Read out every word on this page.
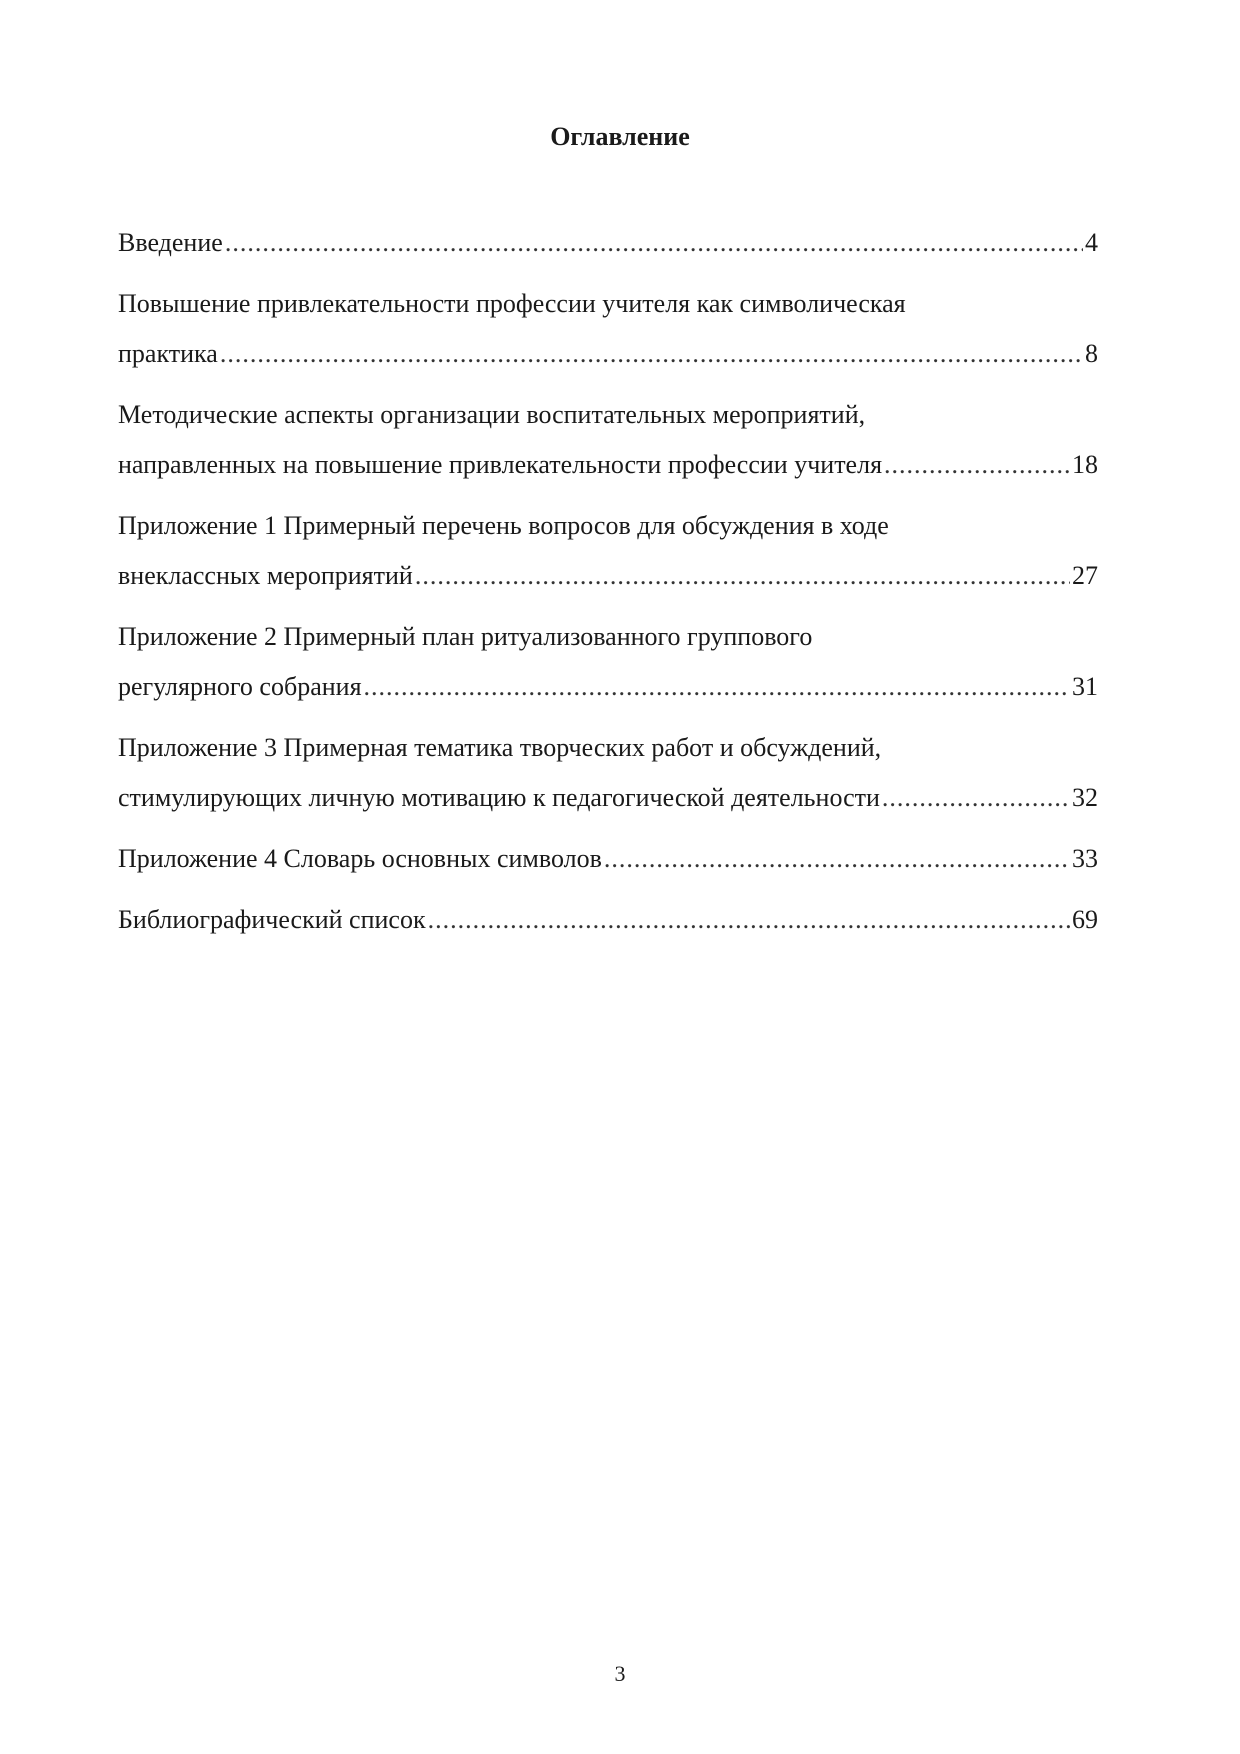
Оглавление
Введение .....	4
Повышение привлекательности профессии учителя как символическая
практика .....	8
Методические аспекты организации воспитательных мероприятий,
направленных на повышение привлекательности профессии учителя .....	18
Приложение 1 Примерный перечень вопросов для обсуждения в ходе
внеклассных мероприятий .....	27
Приложение 2 Примерный план ритуализованного группового
регулярного собрания .....	31
Приложение 3 Примерная тематика творческих работ и обсуждений,
стимулирующих личную мотивацию к педагогической деятельности .....	32
Приложение 4 Словарь основных символов .....	33
Библиографический список .....	69
3
